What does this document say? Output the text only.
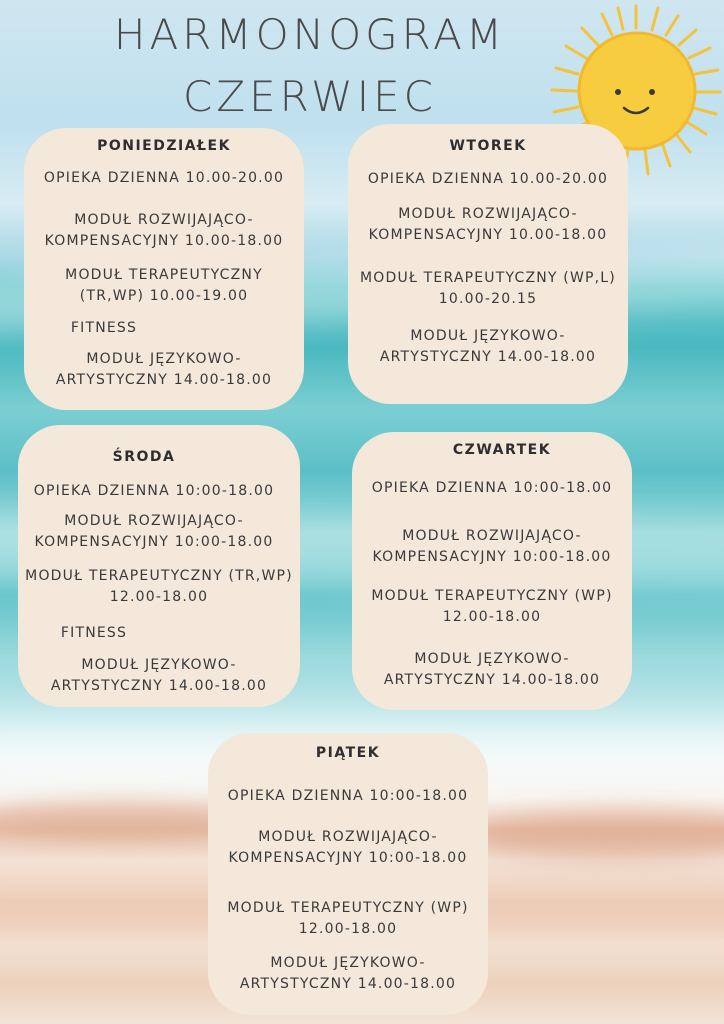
HARMONOGRAM
CZERWIEC
PONIEDZIAŁEK
OPIEKA DZIENNA 10.00-20.00
MODUŁ ROZWIJAJĄCO-
KOMPENSACYJNY 10.00-18.00
MODUŁ TERAPEUTYCZNY
(TR,WP) 10.00-19.00
FITNESS
MODUŁ JĘZYKOWO-
ARTYSTYCZNY 14.00-18.00
WTOREK
OPIEKA DZIENNA 10.00-20.00
MODUŁ ROZWIJAJĄCO-
KOMPENSACYJNY 10.00-18.00
MODUŁ TERAPEUTYCZNY (WP,L)
10.00-20.15
MODUŁ JĘZYKOWO-
ARTYSTYCZNY 14.00-18.00
ŚRODA
OPIEKA DZIENNA 10:00-18.00
MODUŁ ROZWIJAJĄCO-
KOMPENSACYJNY 10:00-18.00
MODUŁ TERAPEUTYCZNY (TR,WP)
12.00-18.00
FITNESS
MODUŁ JĘZYKOWO-
ARTYSTYCZNY 14.00-18.00
CZWARTEK
OPIEKA DZIENNA 10:00-18.00
MODUŁ ROZWIJAJĄCO-
KOMPENSACYJNY 10:00-18.00
MODUŁ TERAPEUTYCZNY (WP)
12.00-18.00
MODUŁ JĘZYKOWO-
ARTYSTYCZNY 14.00-18.00
PIĄTEK
OPIEKA DZIENNA 10:00-18.00
MODUŁ ROZWIJAJĄCO-
KOMPENSACYJNY 10:00-18.00
MODUŁ TERAPEUTYCZNY (WP)
12.00-18.00
MODUŁ JĘZYKOWO-
ARTYSTYCZNY 14.00-18.00
